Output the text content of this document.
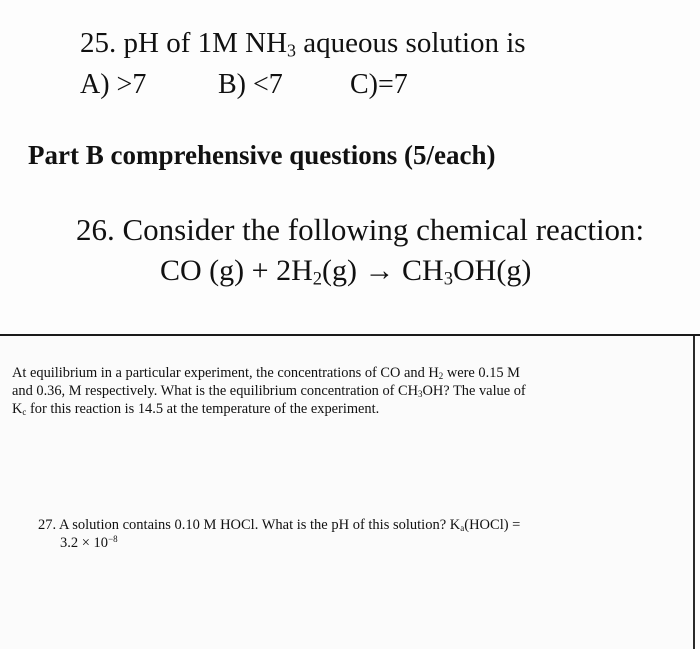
25. pH of 1M $NH_3$ aqueous solution is
A) >7	B) <7 C)=7
Part B comprehensive questions (5/each)
26. Consider the following chemical reaction:
CO $(g) + 2H_2(g) \to CH_3OH(g)$
At equilibrium in a particular experiment, the concentrations of CO and $H_2$ were 0.15 M
and 0.36, M respectively. What is the equilibrium concentration of $CH_3OH$? The value of
$K_c$ for this reaction is 14.5 at the temperature of the experiment.
27. A solution contains 0.10 M HOCl. What is the pH of this solution? $K_a(HOCl)$ =
$3.2 \times 10^{-8}$
